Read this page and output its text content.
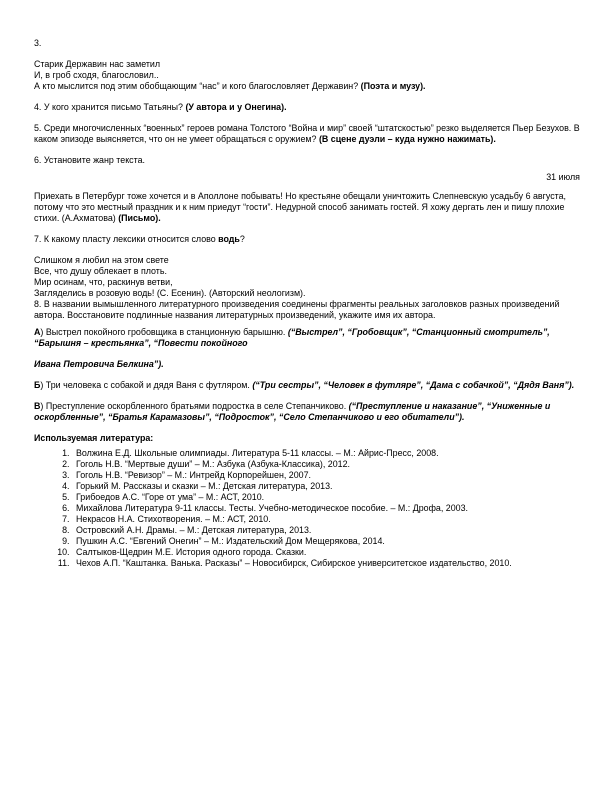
3.

Старик Державин нас заметил

И, в гроб сходя, благословил..

А кто мыслится под этим обобщающим “нас” и кого благословляет Державин? (Поэта и музу).

4. У кого хранится письмо Татьяны? (У автора и у Онегина).

5. Среди многочисленных “военных” героев романа Толстого “Война и мир” своей “штатскостью” резко выделяется Пьер Безухов. В каком эпизоде выясняется, что он не умеет обращаться с оружием? (В сцене дуэли – куда нужно нажимать).

6. Установите жанр текста.

31 июля

Приехать в Петербург тоже хочется и в Аполлоне побывать! Но крестьяне обещали уничтожить Слепневскую усадьбу 6 августа, потому что это местный праздник и к ним приедут “гости”. Недурной способ занимать гостей. Я хожу дергать лен и пишу плохие стихи. (А.Ахматова) (Письмо).

7. К какому пласту лексики относится слово водь?

Слишком я любил на этом свете

Все, что душу облекает в плоть.

Мир осинам, что, раскинув ветви,

Загляделись в розовую водь! (С. Есенин). (Авторский неологизм).

8. В названии вымышленного литературного произведения соединены фрагменты реальных заголовков разных произведений автора. Восстановите подлинные названия литературных произведений, укажите имя их автора.

А) Выстрел покойного гробовщика в станционную барышню. (“Выстрел”, “Гробовщик”, “Станционный смотритель”, “Барышня – крестьянка”, “Повести покойного

Ивана Петровича Белкина”).

Б) Три человека с собакой и дядя Ваня с футляром. (“Три сестры”, “Человек в футляре”, “Дама с собачкой”, “Дядя Ваня”).

В) Преступление оскорбленного братьями подростка в селе Степанчиково. (“Преступление и наказание”, “Униженные и оскорбленные”, “Братья Карамазовы”, “Подросток”, “Село Степанчиково и его обитатели”).

Используемая литература:

1. Волжина Е.Д. Школьные олимпиады. Литература 5-11 классы. – М.: Айрис-Пресс, 2008.
2. Гоголь Н.В. “Мертвые души” – М.: Азбука (Азбука-Классика), 2012.
3. Гоголь Н.В. “Ревизор” – М.: Интрейд Корпорейшен, 2007.
4. Горький М. Рассказы и сказки – М.: Детская литература, 2013.
5. Грибоедов А.С. “Горе от ума” – М.: АСТ, 2010.
6. Михайлова Литература 9-11 классы. Тесты. Учебно-методическое пособие. – М.: Дрофа, 2003.
7. Некрасов Н.А. Стихотворения. – М.: АСТ, 2010.
8. Островский А.Н. Драмы. – М.: Детская литература, 2013.
9. Пушкин А.С. “Евгений Онегин” – М.: Издательский Дом Мещерякова, 2014.
10. Салтыков-Щедрин М.Е. История одного города. Сказки.
11. Чехов А.П. “Каштанка. Ванька. Расказы” – Новосибирск, Сибирское университетское издательство, 2010.
